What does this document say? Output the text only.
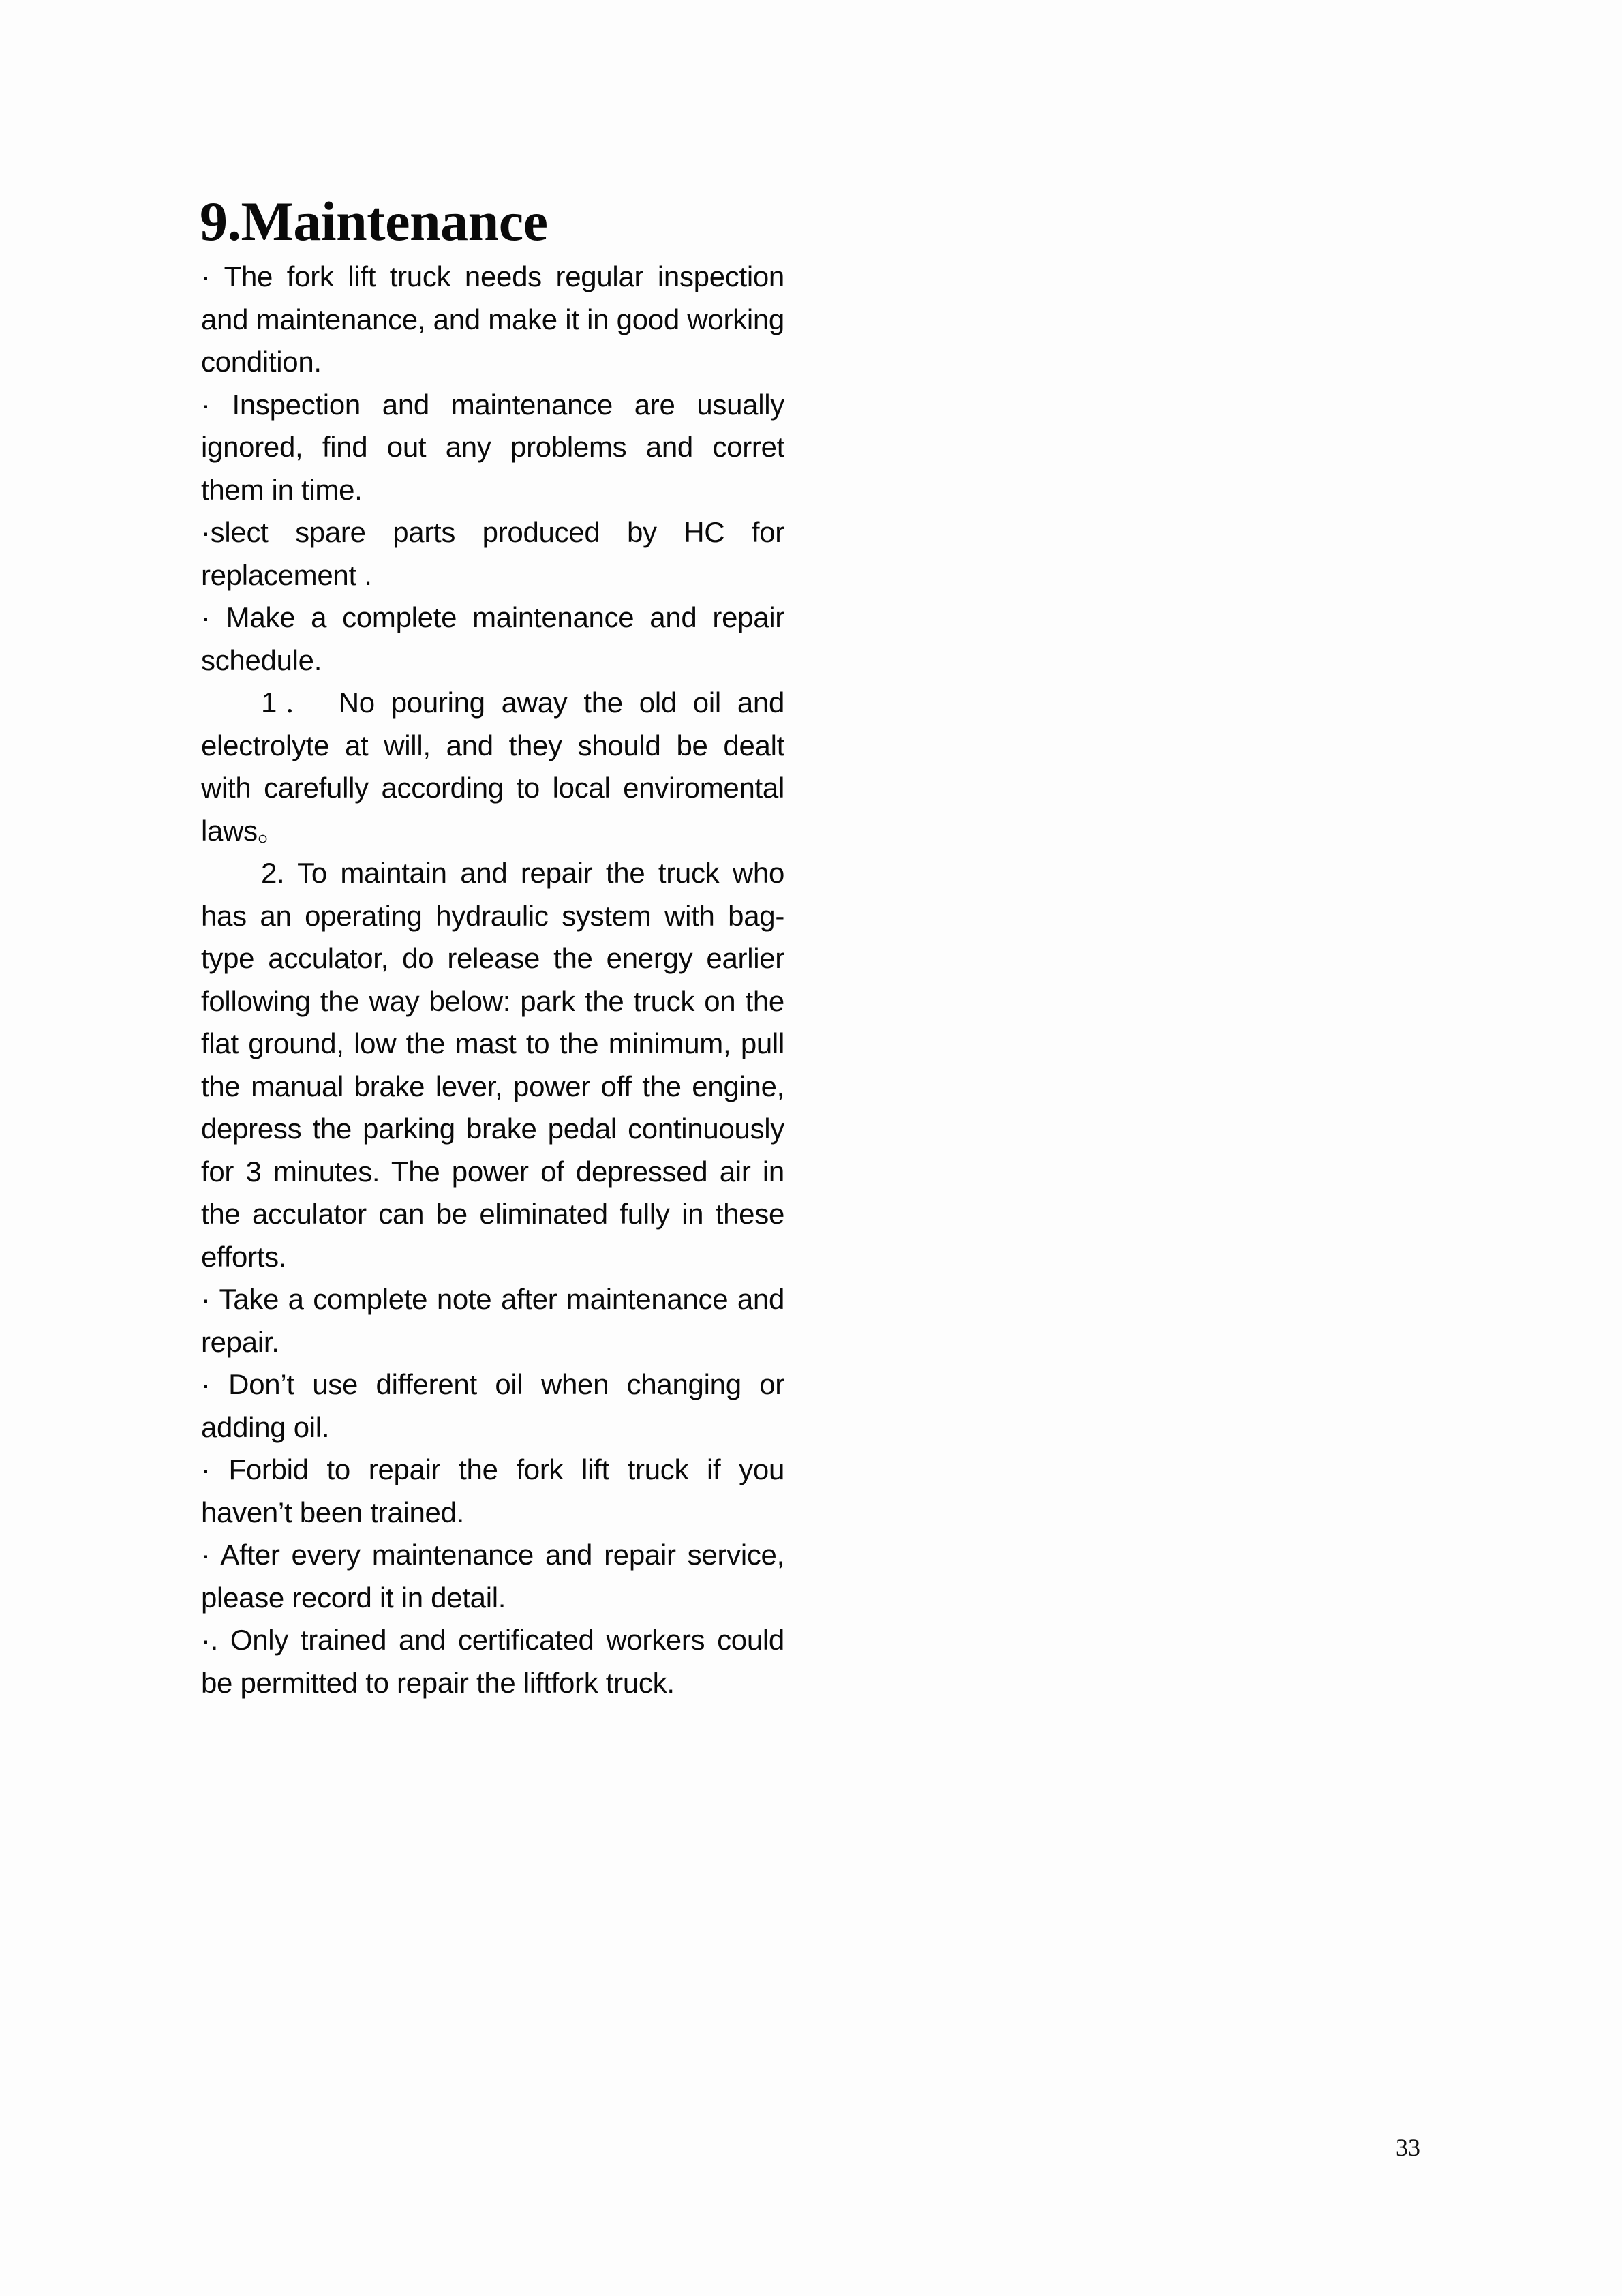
9.Maintenance

· The fork lift truck needs regular inspection and maintenance, and make it in good working condition.

· Inspection and maintenance are usually ignored, find out any problems and corret them in time.

·slect spare parts produced by HC for replacement .

· Make a complete maintenance and repair schedule.

1． No pouring away the old oil and electrolyte at will, and they should be dealt with carefully according to local enviromental laws。

2. To maintain and repair the truck who has an operating hydraulic system with bag-type acculator, do release the energy earlier following the way below: park the truck on the flat ground, low the mast to the minimum, pull the manual brake lever, power off the engine, depress the parking brake pedal continuously for 3 minutes. The power of depressed air in the acculator can be eliminated fully in these efforts.

· Take a complete note after maintenance and repair.

· Don’t use different oil when changing or adding oil.

· Forbid to repair the fork lift truck if you haven’t been trained.

· After every maintenance and repair service, please record it in detail.

·. Only trained and certificated workers could be permitted to repair the liftfork truck.

33
